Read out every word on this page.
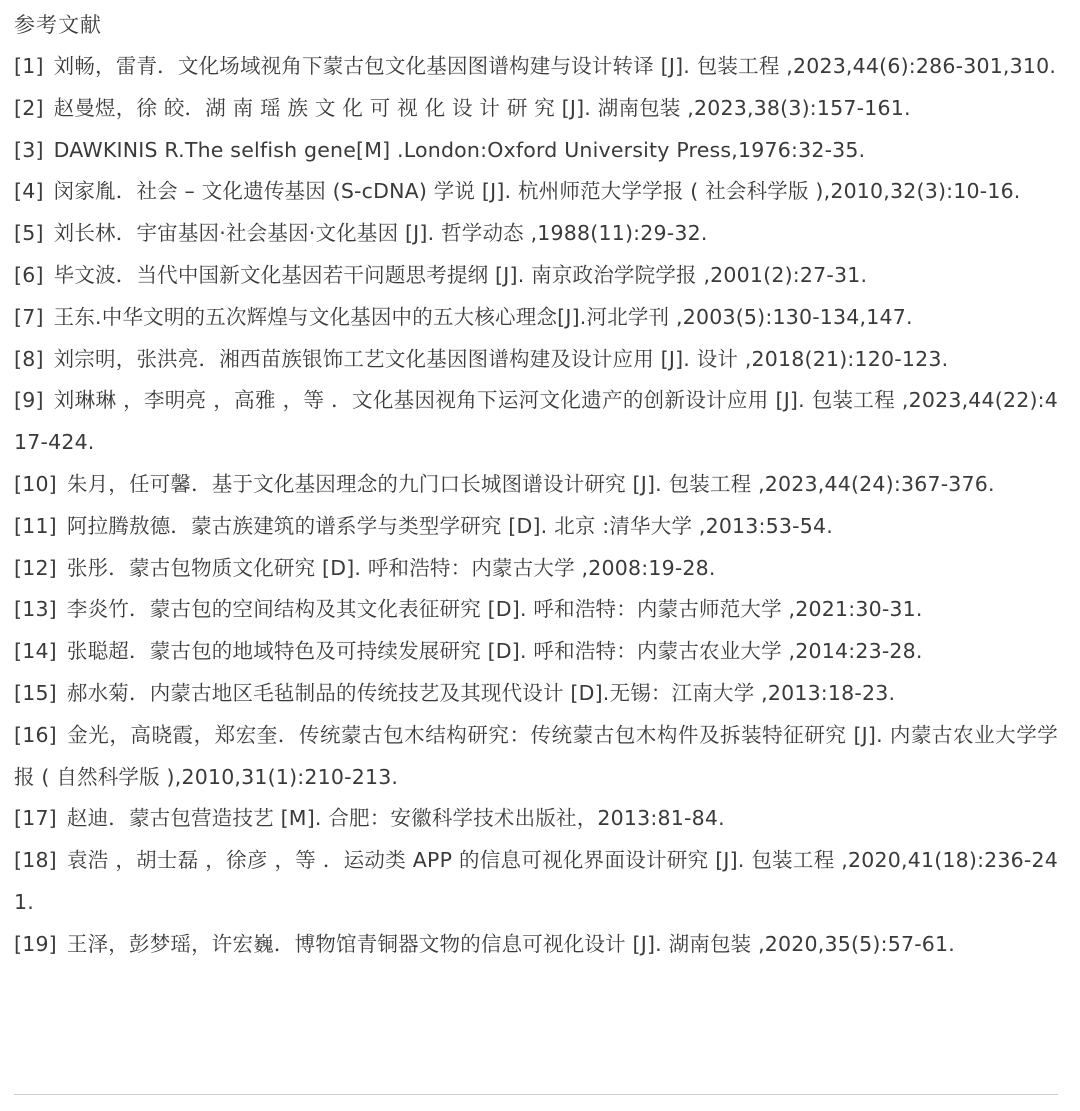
参考文献
[1] 刘畅，雷青．文化场域视角下蒙古包文化基因图谱构建与设计转译 [J]. 包装工程 ,2023,44(6):286-301,310.
[2] 赵曼煜，徐 皎．湖 南 瑶 族 文 化 可 视 化 设 计 研 究 [J]. 湖南包装 ,2023,38(3):157-161.
[3] DAWKINIS R.The selfish gene[M] .London:Oxford University Press,1976:32-35.
[4] 闵家胤．社会 – 文化遗传基因 (S-cDNA) 学说 [J]. 杭州师范大学学报 ( 社会科学版 ),2010,32(3):10-16.
[5] 刘长林．宇宙基因·社会基因·文化基因 [J]. 哲学动态 ,1988(11):29-32.
[6] 毕文波．当代中国新文化基因若干问题思考提纲 [J]. 南京政治学院学报 ,2001(2):27-31.
[7] 王东.中华文明的五次辉煌与文化基因中的五大核心理念[J].河北学刊 ,2003(5):130-134,147.
[8] 刘宗明，张洪亮．湘西苗族银饰工艺文化基因图谱构建及设计应用 [J]. 设计 ,2018(21):120-123.
[9] 刘琳琳 ，李明亮 ，高雅 ，等 ．文化基因视角下运河文化遗产的创新设计应用 [J]. 包装工程 ,2023,44(22):417-424.
[10] 朱月，任可馨．基于文化基因理念的九门口长城图谱设计研究 [J]. 包装工程 ,2023,44(24):367-376.
[11] 阿拉腾敖德．蒙古族建筑的谱系学与类型学研究 [D]. 北京 :清华大学 ,2013:53-54.
[12] 张彤．蒙古包物质文化研究 [D]. 呼和浩特：内蒙古大学 ,2008:19-28.
[13] 李炎竹．蒙古包的空间结构及其文化表征研究 [D]. 呼和浩特：内蒙古师范大学 ,2021:30-31.
[14] 张聪超．蒙古包的地域特色及可持续发展研究 [D]. 呼和浩特：内蒙古农业大学 ,2014:23-28.
[15] 郝水菊．内蒙古地区毛毡制品的传统技艺及其现代设计 [D].无锡：江南大学 ,2013:18-23.
[16] 金光，高晓霞，郑宏奎．传统蒙古包木结构研究：传统蒙古包木构件及拆装特征研究 [J]. 内蒙古农业大学学报 ( 自然科学版 ),2010,31(1):210-213.
[17] 赵迪．蒙古包营造技艺 [M]. 合肥：安徽科学技术出版社，2013:81-84.
[18] 袁浩 ，胡士磊 ，徐彦 ，等 ．运动类 APP 的信息可视化界面设计研究 [J]. 包装工程 ,2020,41(18):236-241.
[19] 王泽，彭梦瑶，许宏巍．博物馆青铜器文物的信息可视化设计 [J]. 湖南包装 ,2020,35(5):57-61.
